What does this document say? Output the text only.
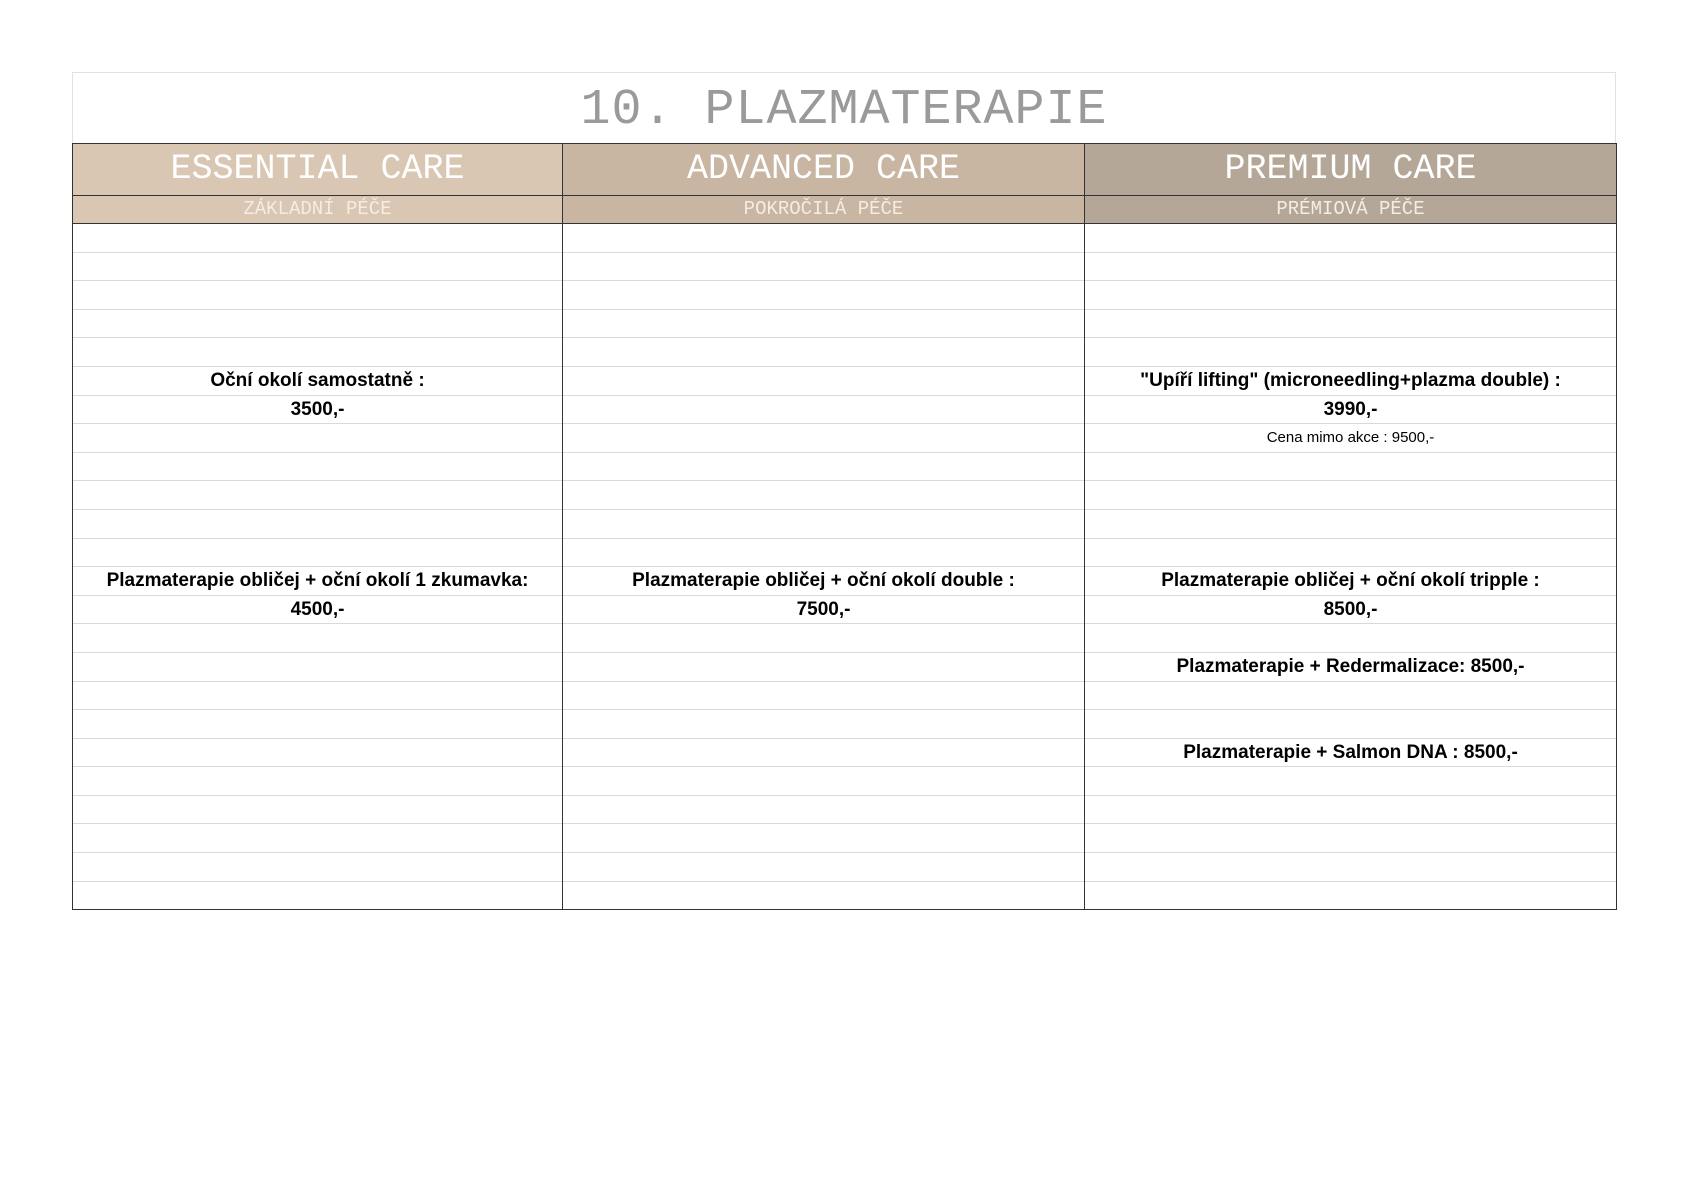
10. PLAZMATERAPIE
ESSENTIAL CARE	ADVANCED CARE	PREMIUM CARE
ZÁKLADNÍ PÉČE	POKROČILÁ PÉČE	PRÉMIOVÁ PÉČE

Oční okolí samostatně :		"Upíří lifting" (microneedling+plazma double) :
3500,-		3990,-
		Cena mimo akce : 9500,-

Plazmaterapie obličej + oční okolí 1 zkumavka:	Plazmaterapie obličej + oční okolí double :	Plazmaterapie obličej + oční okolí tripple :
4500,-	7500,-	8500,-

		Plazmaterapie + Redermalizace: 8500,-

		Plazmaterapie + Salmon DNA : 8500,-
